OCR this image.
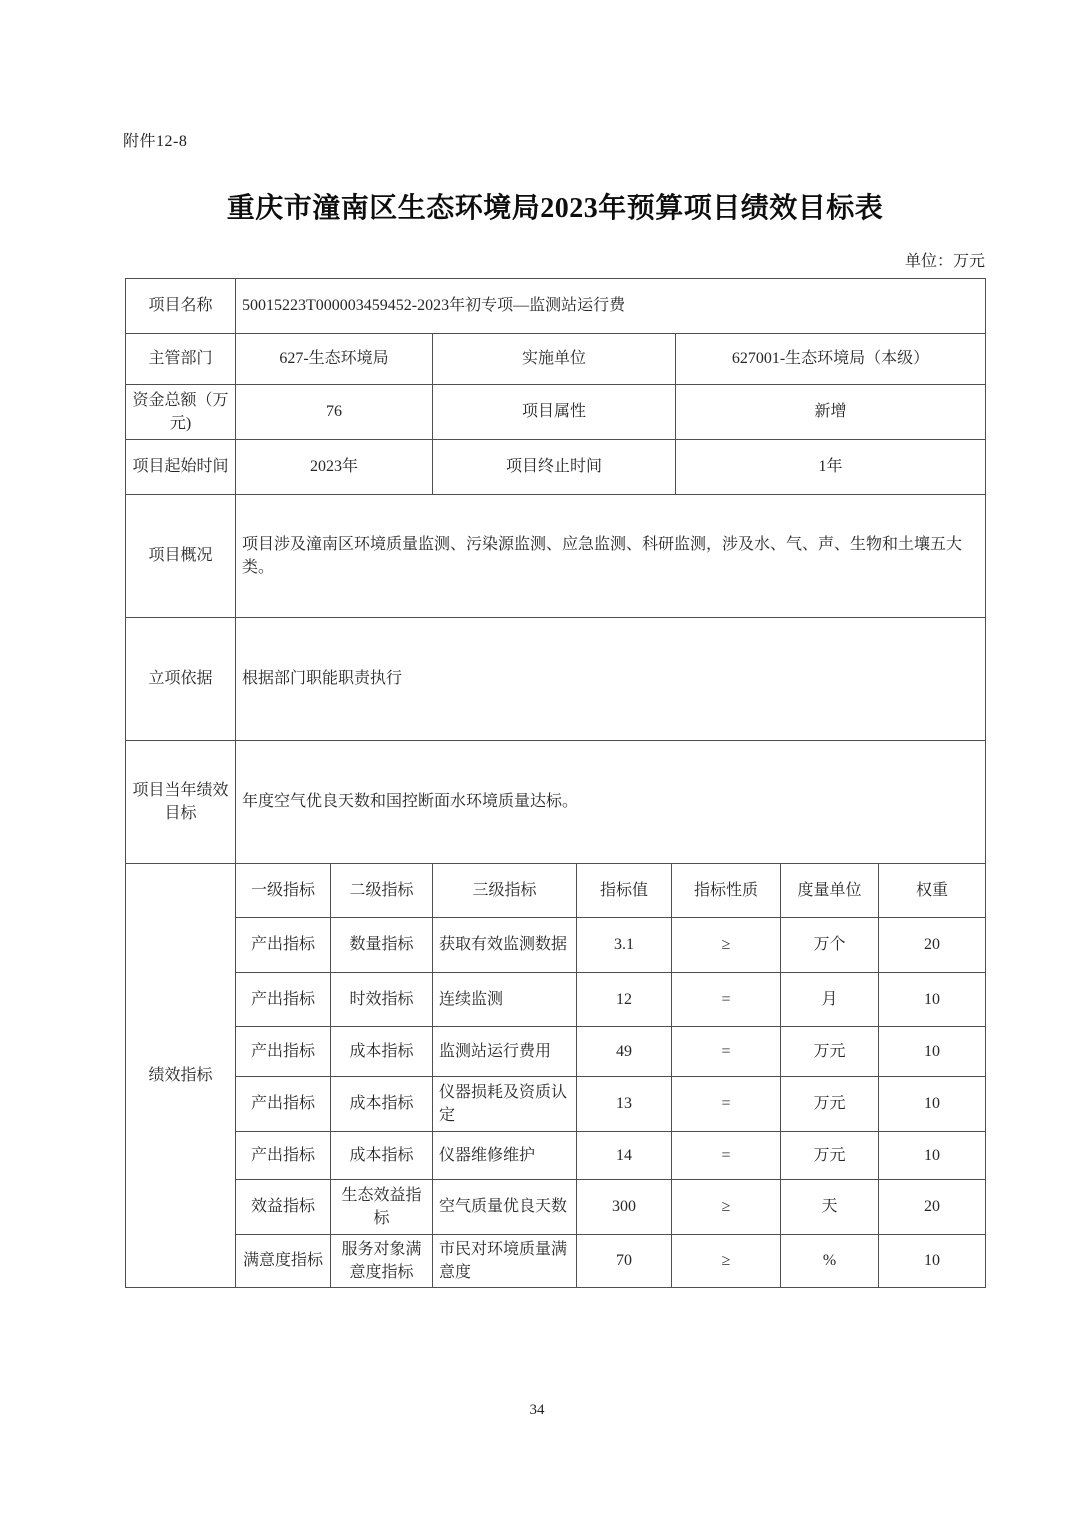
附件12-8
重庆市潼南区生态环境局2023年预算项目绩效目标表
单位：万元
项目名称	50015223T000003459452-2023年初专项—监测站运行费		
主管部门	627-生态环境局	实施单位	627001-生态环境局（本级）
资金总额（万元)	76	项目属性	新增
项目起始时间	2023年	项目终止时间	1年
项目概况	项目涉及潼南区环境质量监测、污染源监测、应急监测、科研监测，涉及水、气、声、生物和土壤五大类。		
立项依据	根据部门职能职责执行		
项目当年绩效目标	年度空气优良天数和国控断面水环境质量达标。		
绩效指标	一级指标	二级指标	三级指标	指标值	指标性质	度量单位	权重
	产出指标	数量指标	获取有效监测数据	3.1	≥	万个	20
	产出指标	时效指标	连续监测	12	=	月	10
	产出指标	成本指标	监测站运行费用	49	=	万元	10
	产出指标	成本指标	仪器损耗及资质认定	13	=	万元	10
	产出指标	成本指标	仪器维修维护	14	=	万元	10
	效益指标	生态效益指标	空气质量优良天数	300	≥	天	20
	满意度指标	服务对象满意度指标	市民对环境质量满意度	70	≥	%	10
34
